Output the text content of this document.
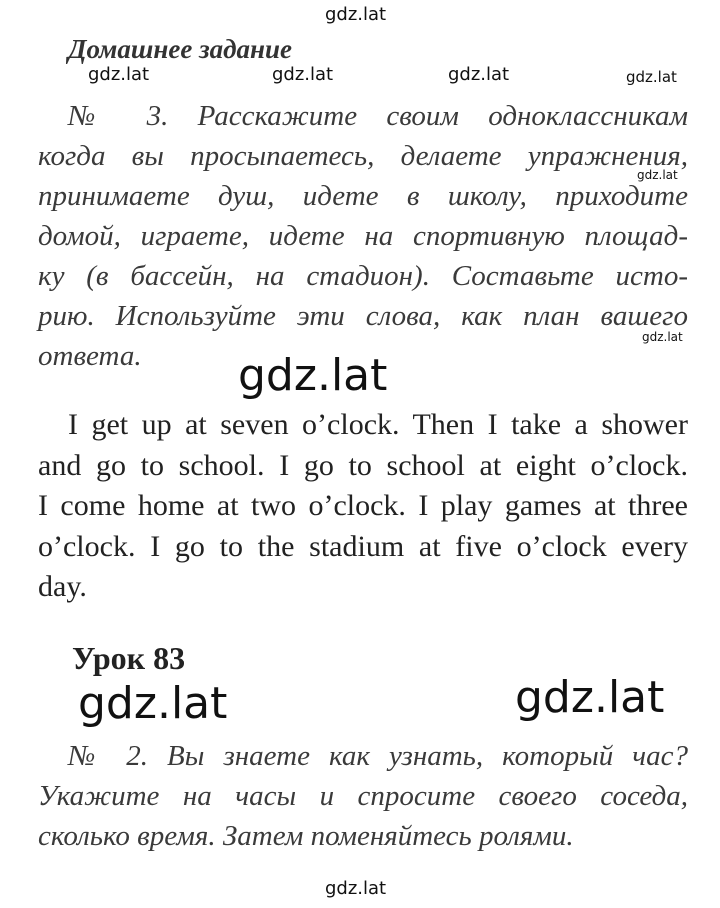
gdz.lat
gdz.lat	gdz.lat	gdz.lat	gdz.lat
gdz.lat
gdz.lat
gdz.lat
gdz.lat	gdz.lat
gdz.lat
Домашнее задание

№ 3. Расскажите своим одноклассникам

когда вы просыпаетесь, делаете упражнения,

принимаете душ, идете в школу, приходите

домой, играете, идете на спортивную площад-

ку (в бассейн, на стадион). Составьте исто-

рию. Используйте эти слова, как план вашего

ответа.

I get up at seven o’clock. Then I take a shower

and go to school. I go to school at eight o’clock.

I come home at two o’clock. I play games at three

o’clock. I go to the stadium at five o’clock every

day.

Урок 83

№ 2. Вы знаете как узнать, который час?

Укажите на часы и спросите своего соседа,

сколько время. Затем поменяйтесь ролями.
